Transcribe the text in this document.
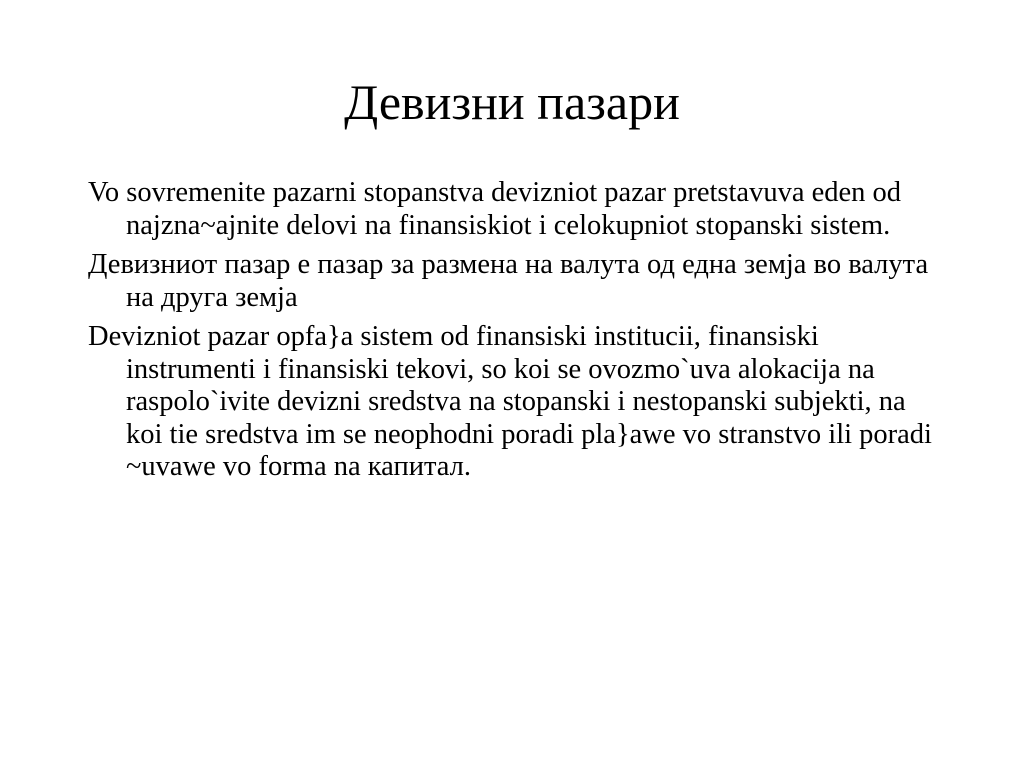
Девизни пазари
Vo sovremenite pazarni stopanstva devizniot pazar pretstavuva eden od najzna~ajnite delovi na finansiskiot i celokupniot stopanski sistem.
Девизниот пазар е пазар за размена на валута од една земја во валута на друга земја
Devizniot pazar opfa}a sistem od finansiski institucii, finansiski instrumenti i finansiski tekovi, so koi se ovozmo`uva alokacija na raspolo`ivite devizni sredstva na stopanski i nestopanski subjekti, na koi tie sredstva im se neophodni poradi pla}awe vo stranstvo ili poradi ~uvawe vo forma na капитал.
